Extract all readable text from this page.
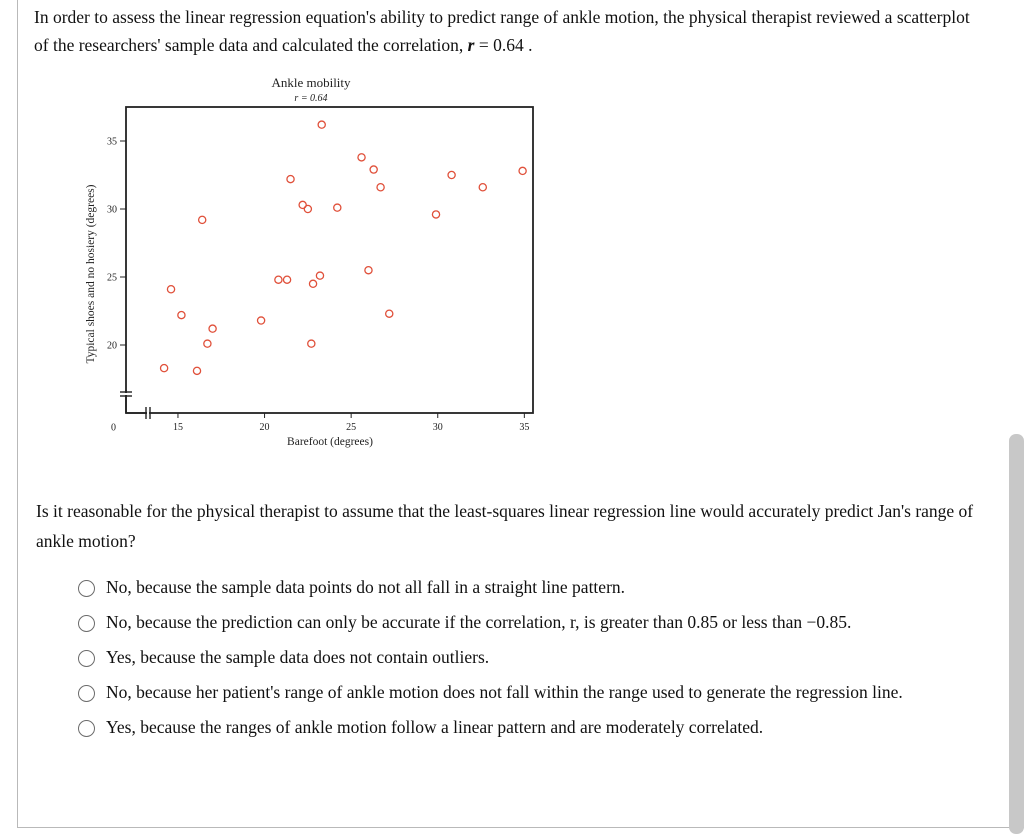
In order to assess the linear regression equation's ability to predict range of ankle motion, the physical therapist reviewed a scatterplot of the researchers' sample data and calculated the correlation, r = 0.64 .
Ankle mobility
r = 0.64
35
30
25
20
0	15	20	25	30	35
Barefoot (degrees)
Typical shoes and no hosiery (degrees)
Is it reasonable for the physical therapist to assume that the least-squares linear regression line would accurately predict Jan's range of ankle motion?
No, because the sample data points do not all fall in a straight line pattern.
No, because the prediction can only be accurate if the correlation, r, is greater than 0.85 or less than −0.85.
Yes, because the sample data does not contain outliers.
No, because her patient's range of ankle motion does not fall within the range used to generate the regression line.
Yes, because the ranges of ankle motion follow a linear pattern and are moderately correlated.
